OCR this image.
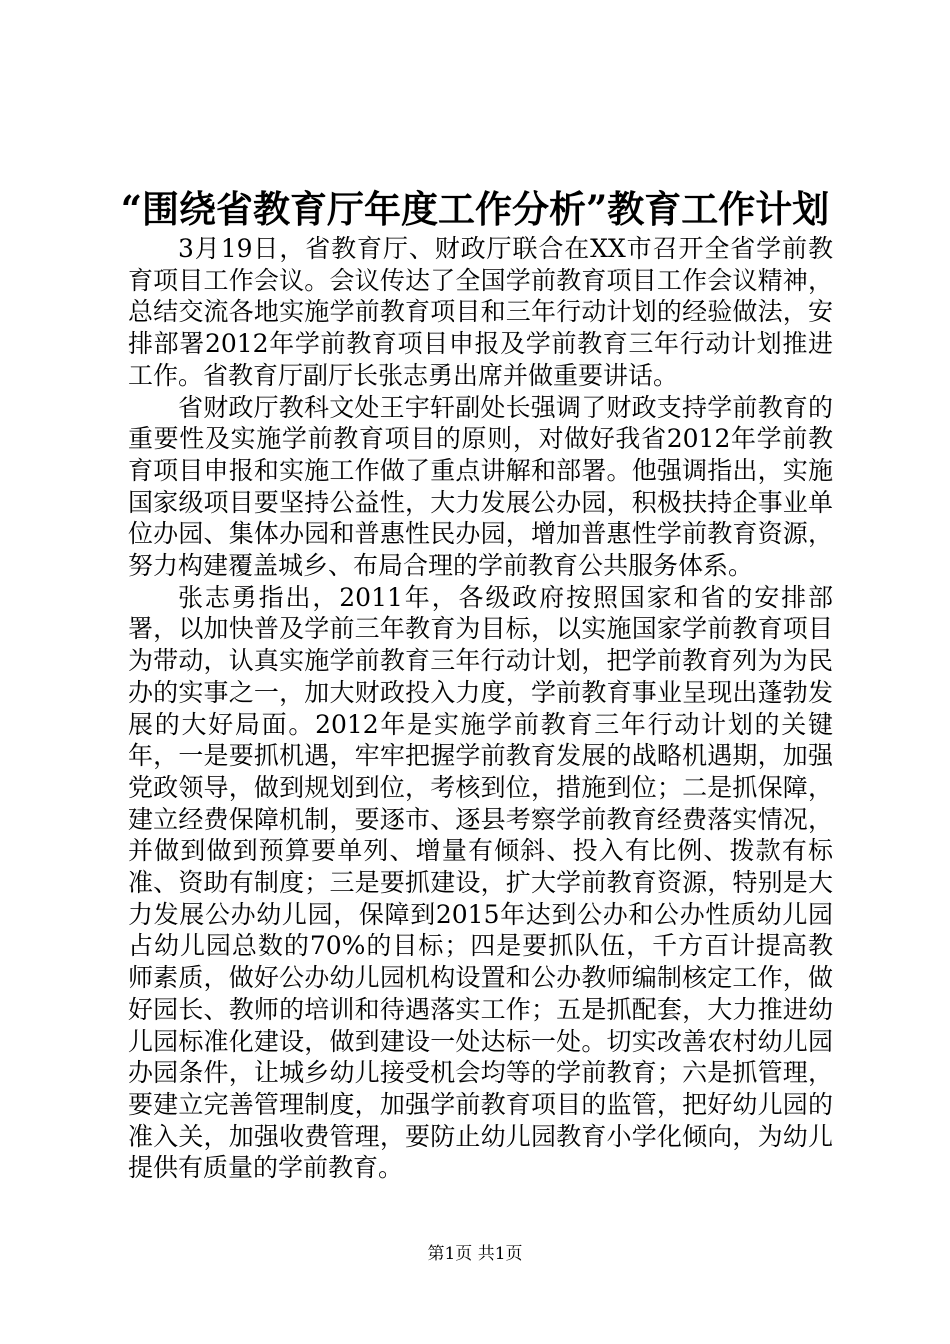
“围绕省教育厅年度工作分析”教育工作计划

3月19日，省教育厅、财政厅联合在XX市召开全省学前教育项目工作会议。会议传达了全国学前教育项目工作会议精神，总结交流各地实施学前教育项目和三年行动计划的经验做法，安排部署2012年学前教育项目申报及学前教育三年行动计划推进工作。省教育厅副厅长张志勇出席并做重要讲话。

省财政厅教科文处王宇轩副处长强调了财政支持学前教育的重要性及实施学前教育项目的原则，对做好我省2012年学前教育项目申报和实施工作做了重点讲解和部署。他强调指出，实施国家级项目要坚持公益性，大力发展公办园，积极扶持企事业单位办园、集体办园和普惠性民办园，增加普惠性学前教育资源，努力构建覆盖城乡、布局合理的学前教育公共服务体系。

张志勇指出，2011年，各级政府按照国家和省的安排部署，以加快普及学前三年教育为目标，以实施国家学前教育项目为带动，认真实施学前教育三年行动计划，把学前教育列为为民办的实事之一，加大财政投入力度，学前教育事业呈现出蓬勃发展的大好局面。2012年是实施学前教育三年行动计划的关键年，一是要抓机遇，牢牢把握学前教育发展的战略机遇期，加强党政领导，做到规划到位，考核到位，措施到位；二是抓保障，建立经费保障机制，要逐市、逐县考察学前教育经费落实情况，并做到做到预算要单列、增量有倾斜、投入有比例、拨款有标准、资助有制度；三是要抓建设，扩大学前教育资源，特别是大力发展公办幼儿园，保障到2015年达到公办和公办性质幼儿园占幼儿园总数的70%的目标；四是要抓队伍，千方百计提高教师素质，做好公办幼儿园机构设置和公办教师编制核定工作，做好园长、教师的培训和待遇落实工作；五是抓配套，大力推进幼儿园标准化建设，做到建设一处达标一处。切实改善农村幼儿园办园条件，让城乡幼儿接受机会均等的学前教育；六是抓管理，要建立完善管理制度，加强学前教育项目的监管，把好幼儿园的准入关，加强收费管理，要防止幼儿园教育小学化倾向，为幼儿提供有质量的学前教育。

第1页 共1页
